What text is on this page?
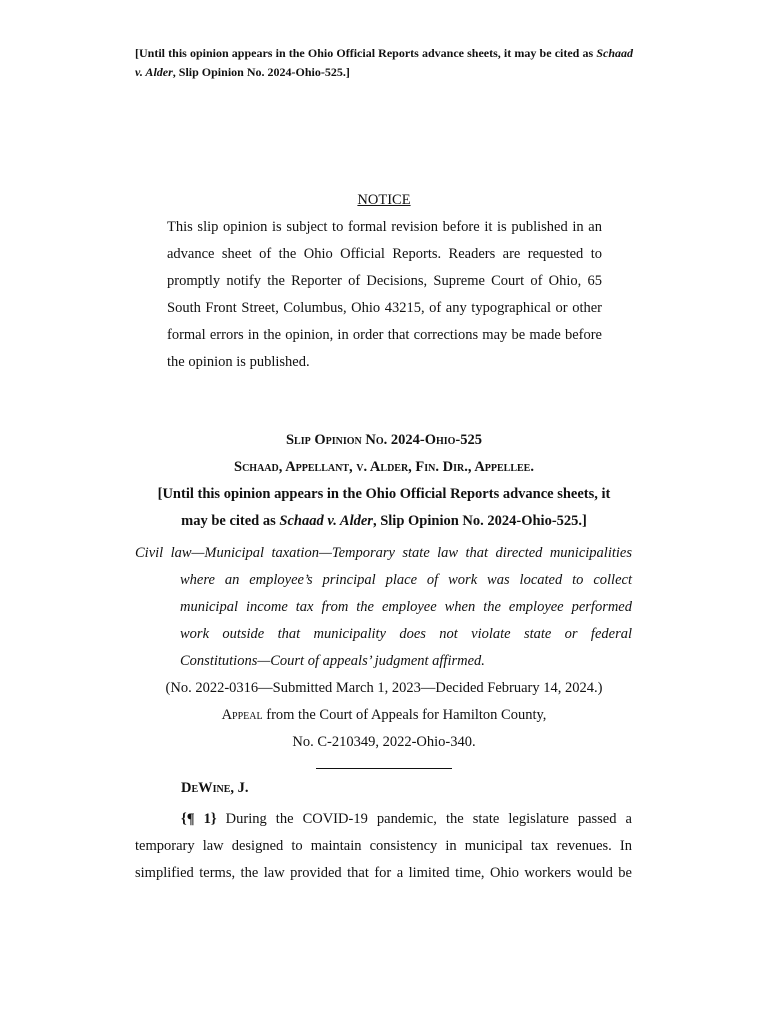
[Until this opinion appears in the Ohio Official Reports advance sheets, it may be cited as Schaad v. Alder, Slip Opinion No. 2024-Ohio-525.]
NOTICE
This slip opinion is subject to formal revision before it is published in an
advance sheet of the Ohio Official Reports. Readers are requested to
promptly notify the Reporter of Decisions, Supreme Court of Ohio, 65
South Front Street, Columbus, Ohio 43215, of any typographical or other
formal errors in the opinion, in order that corrections may be made before
the opinion is published.
Slip Opinion No. 2024-Ohio-525
Schaad, Appellant, v. Alder, Fin. Dir., Appellee.
[Until this opinion appears in the Ohio Official Reports advance sheets, it
may be cited as Schaad v. Alder, Slip Opinion No. 2024-Ohio-525.]
Civil law—Municipal taxation—Temporary state law that directed municipalities
where an employee’s principal place of work was located to collect
municipal income tax from the employee when the employee performed
work outside that municipality does not violate state or federal
Constitutions—Court of appeals’ judgment affirmed.
(No. 2022-0316—Submitted March 1, 2023—Decided February 14, 2024.)
Appeal from the Court of Appeals for Hamilton County,
No. C-210349, 2022-Ohio-340.
DeWine, J.
{¶ 1} During the COVID-19 pandemic, the state legislature passed a
temporary law designed to maintain consistency in municipal tax revenues. In
simplified terms, the law provided that for a limited time, Ohio workers would be
